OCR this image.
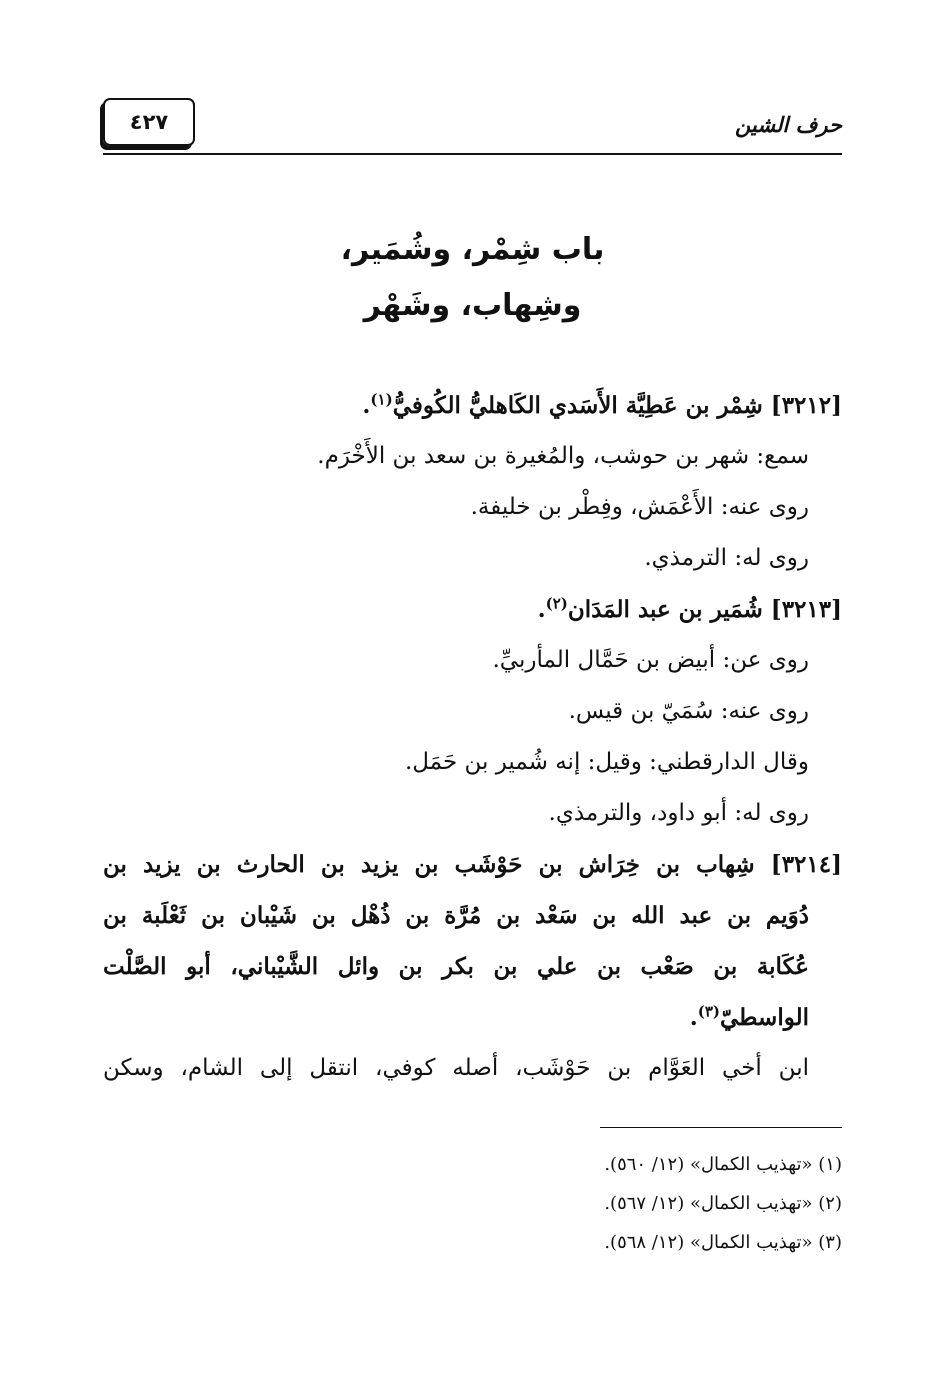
٤٢٧	حرف الشين
باب شِمْر، وشُمَير،
وشِهاب، وشَهْر
[٣٢١٢] شِمْر بن عَطِيَّة الأَسَدي الكَاهليُّ الكُوفيُّ$^{(١)}$.
سمع: شهر بن حوشب، والمُغيرة بن سعد بن الأَخْرَم.
روى عنه: الأَعْمَش، وفِطْر بن خليفة.
روى له: الترمذي.
[٣٢١٣] شُمَير بن عبد المَدَان$^{(٢)}$.
روى عن: أبيض بن حَمَّال المأربيِّ.
روى عنه: سُمَيّ بن قيس.
وقال الدارقطني: وقيل: إنه شُمير بن حَمَل.
روى له: أبو داود، والترمذي.
[٣٢١٤] شِهاب بن خِرَاش بن حَوْشَب بن يزيد بن الحارث بن يزيد بن
دُوَيم بن عبد الله بن سَعْد بن مُرَّة بن ذُهْل بن شَيْبان بن ثَعْلَبة بن
عُكَابة بن صَعْب بن علي بن بكر بن وائل الشَّيْباني، أبو الصَّلْت
الواسطيّ$^{(٣)}$.
ابن أخي العَوَّام بن حَوْشَب، أصله كوفي، انتقل إلى الشام، وسكن
(١) «تهذيب الكمال» (١٢/ ٥٦٠).
(٢) «تهذيب الكمال» (١٢/ ٥٦٧).
(٣) «تهذيب الكمال» (١٢/ ٥٦٨).
